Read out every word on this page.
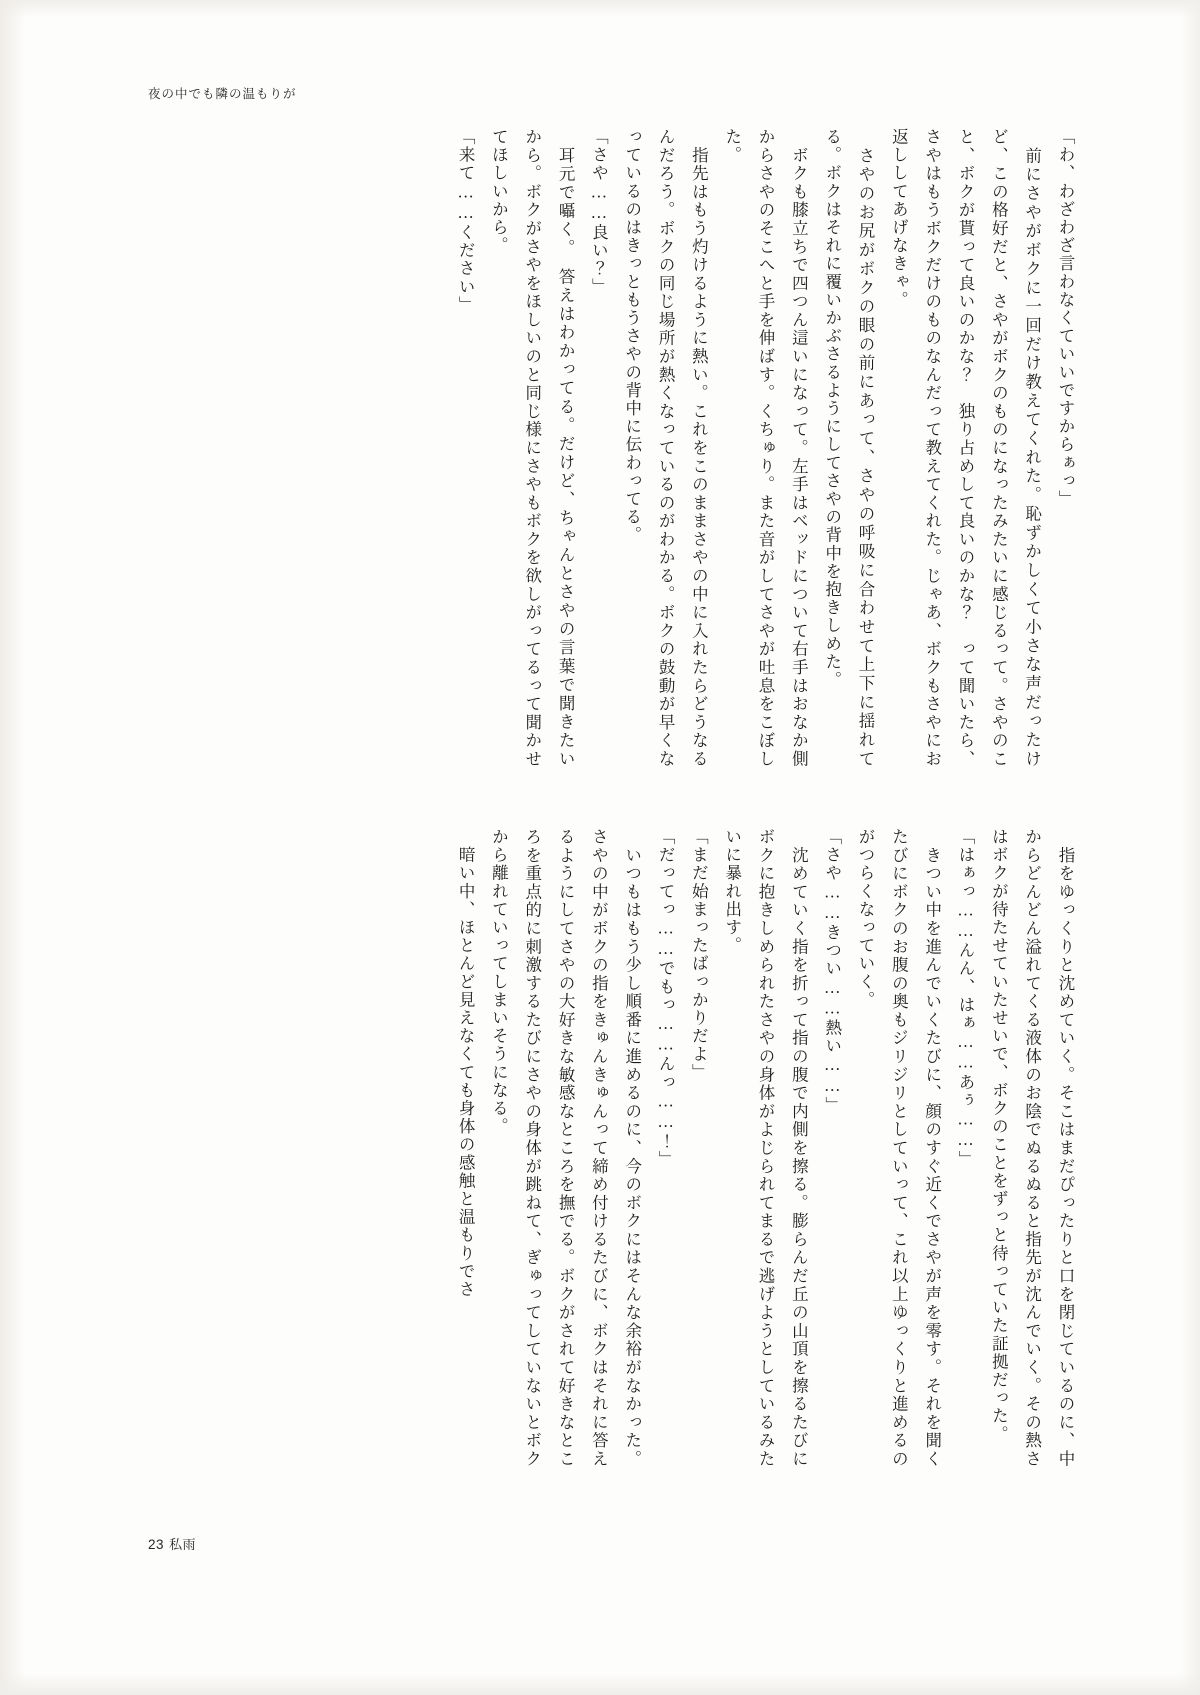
夜の中でも隣の温もりが

「わ、わざわざ言わなくていいですからぁっ」

　前にさやがボクに一回だけ教えてくれた。恥ずかしくて小さな声だったけど、この格好だと、さやがボクのものになったみたいに感じるって。さやのこと、ボクが貰って良いのかな？　独り占めして良いのかな？　って聞いたら、さやはもうボクだけのものなんだって教えてくれた。じゃあ、ボクもさやにお返ししてあげなきゃ。

　さやのお尻がボクの眼の前にあって、さやの呼吸に合わせて上下に揺れてる。ボクはそれに覆いかぶさるようにしてさやの背中を抱きしめた。

　ボクも膝立ちで四つん這いになって。左手はベッドについて右手はおなか側からさやのそこへと手を伸ばす。くちゅり。また音がしてさやが吐息をこぼした。

　指先はもう灼けるように熱い。これをこのままさやの中に入れたらどうなるんだろう。ボクの同じ場所が熱くなっているのがわかる。ボクの鼓動が早くなっているのはきっともうさやの背中に伝わってる。

「さや……良い？」

　耳元で囁く。　答えはわかってる。だけど、ちゃんとさやの言葉で聞きたいから。ボクがさやをほしいのと同じ様にさやもボクを欲しがってるって聞かせてほしいから。

「来て……ください」

　指をゆっくりと沈めていく。そこはまだぴったりと口を閉じているのに、中からどんどん溢れてくる液体のお陰でぬるぬると指先が沈んでいく。その熱さはボクが待たせていたせいで、ボクのことをずっと待っていた証拠だった。

「はぁっ……んん、はぁ……あぅ……」

　きつい中を進んでいくたびに、顔のすぐ近くでさやが声を零す。それを聞くたびにボクのお腹の奥もジリジリとしていって、これ以上ゆっくりと進めるのがつらくなっていく。

「さや……きつい……熱い……」

　沈めていく指を折って指の腹で内側を擦る。膨らんだ丘の山頂を擦るたびにボクに抱きしめられたさやの身体がよじられてまるで逃げようとしているみたいに暴れ出す。

「まだ始まったばっかりだよ」

「だってっ……でもっ……んっ……！」

　いつもはもう少し順番に進めるのに、今のボクにはそんな余裕がなかった。さやの中がボクの指をきゅんきゅんって締め付けるたびに、ボクはそれに答えるようにしてさやの大好きな敏感なところを撫でる。ボクがされて好きなところを重点的に刺激するたびにさやの身体が跳ねて、ぎゅってしていないとボクから離れていってしまいそうになる。

　暗い中、ほとんど見えなくても身体の感触と温もりでさ

23 私雨
